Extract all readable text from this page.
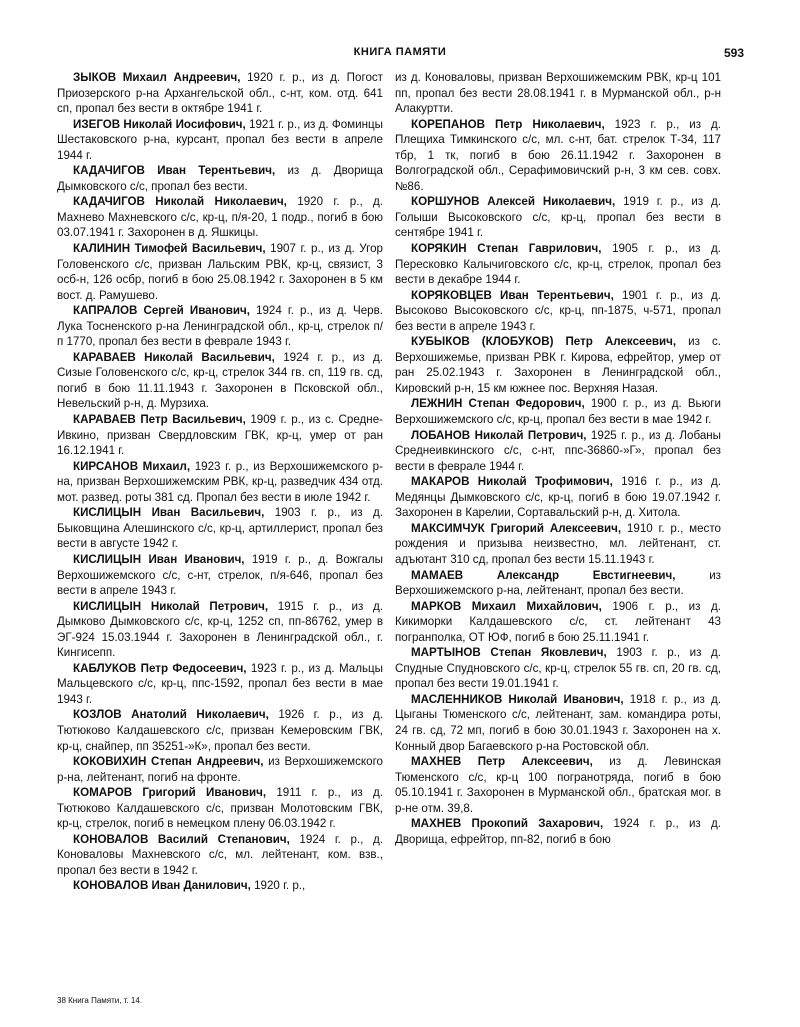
КНИГА ПАМЯТИ	593

ЗЫКОВ Михаил Андреевич, 1920 г. р., из д. Погост Приозерского р-на Архангельской обл., с-нт, ком. отд. 641 сп, пропал без вести в октябре 1941 г.

ИЗЕГОВ Николай Иосифович, 1921 г. р., из д. Фоминцы Шестаковского р-на, курсант, пропал без вести в апреле 1944 г.

КАДАЧИГОВ Иван Терентьевич, из д. Дворища Дымковского с/с, пропал без вести.

КАДАЧИГОВ Николай Николаевич, 1920 г. р., д. Махнево Махневского с/с, кр-ц, п/я-20, 1 подр., погиб в бою 03.07.1941 г. Захоронен в д. Яшкицы.

КАЛИНИН Тимофей Васильевич, 1907 г. р., из д. Угор Головенского с/с, призван Лальским РВК, кр-ц, связист, 3 осб-н, 126 осбр, погиб в бою 25.08.1942 г. Захоронен в 5 км вост. д. Рамушево.

КАПРАЛОВ Сергей Иванович, 1924 г. р., из д. Черв. Лука Тосненского р-на Ленинградской обл., кр-ц, стрелок п/п 1770, пропал без вести в феврале 1943 г.

КАРАВАЕВ Николай Васильевич, 1924 г. р., из д. Сизые Головенского с/с, кр-ц, стрелок 344 гв. сп, 119 гв. сд, погиб в бою 11.11.1943 г. Захоронен в Псковской обл., Невельский р-н, д. Мурзиха.

КАРАВАЕВ Петр Васильевич, 1909 г. р., из с. Средне-Ивкино, призван Свердловским ГВК, кр-ц, умер от ран 16.12.1941 г.

КИРСАНОВ Михаил, 1923 г. р., из Верхошижемского р-на, призван Верхошижемским РВК, кр-ц, разведчик 434 отд. мот. развед. роты 381 сд. Пропал без вести в июле 1942 г.

КИСЛИЦЫН Иван Васильевич, 1903 г. р., из д. Быковщина Алешинского с/с, кр-ц, артиллерист, пропал без вести в августе 1942 г.

КИСЛИЦЫН Иван Иванович, 1919 г. р., д. Вожгалы Верхошижемского с/с, с-нт, стрелок, п/я-646, пропал без вести в апреле 1943 г.

КИСЛИЦЫН Николай Петрович, 1915 г. р., из д. Дымково Дымковского с/с, кр-ц, 1252 сп, пп-86762, умер в ЭГ-924 15.03.1944 г. Захоронен в Ленинградской обл., г. Кингисепп.

КАБЛУКОВ Петр Федосеевич, 1923 г. р., из д. Мальцы Мальцевского с/с, кр-ц, ппс-1592, пропал без вести в мае 1943 г.

КОЗЛОВ Анатолий Николаевич, 1926 г. р., из д. Тютюково Калдашевского с/с, призван Кемеровским ГВК, кр-ц, снайпер, пп 35251-»К», пропал без вести.

КОКОВИХИН Степан Андреевич, из Верхошижемского р-на, лейтенант, погиб на фронте.

КОМАРОВ Григорий Иванович, 1911 г. р., из д. Тютюково Калдашевского с/с, призван Молотовским ГВК, кр-ц, стрелок, погиб в немецком плену 06.03.1942 г.

КОНОВАЛОВ Василий Степанович, 1924 г. р., д. Коноваловы Махневского с/с, мл. лейтенант, ком. взв., пропал без вести в 1942 г.

КОНОВАЛОВ Иван Данилович, 1920 г. р.,

из д. Коноваловы, призван Верхошижемским РВК, кр-ц 101 пп, пропал без вести 28.08.1941 г. в Мурманской обл., р-н Алакуртти.

КОРЕПАНОВ Петр Николаевич, 1923 г. р., из д. Плещиха Тимкинского с/с, мл. с-нт, бат. стрелок Т-34, 117 тбр, 1 тк, погиб в бою 26.11.1942 г. Захоронен в Волгоградской обл., Серафимовичский р-н, 3 км сев. совх. №86.

КОРШУНОВ Алексей Николаевич, 1919 г. р., из д. Голыши Высоковского с/с, кр-ц, пропал без вести в сентябре 1941 г.

КОРЯКИН Степан Гаврилович, 1905 г. р., из д. Пересковко Калычиговского с/с, кр-ц, стрелок, пропал без вести в декабре 1944 г.

КОРЯКОВЦЕВ Иван Терентьевич, 1901 г. р., из д. Высоково Высоковского с/с, кр-ц, пп-1875, ч-571, пропал без вести в апреле 1943 г.

КУБЫКОВ (КЛОБУКОВ) Петр Алексеевич, из с. Верхошижемье, призван РВК г. Кирова, ефрейтор, умер от ран 25.02.1943 г. Захоронен в Ленинградской обл., Кировский р-н, 15 км южнее пос. Верхняя Назая.

ЛЕЖНИН Степан Федорович, 1900 г. р., из д. Вьюги Верхошижемского с/с, кр-ц, пропал без вести в мае 1942 г.

ЛОБАНОВ Николай Петрович, 1925 г. р., из д. Лобаны Среднеивкинского с/с, с-нт, ппс-36860-»Г», пропал без вести в феврале 1944 г.

МАКАРОВ Николай Трофимович, 1916 г. р., из д. Медянцы Дымковского с/с, кр-ц, погиб в бою 19.07.1942 г. Захоронен в Карелии, Сортавальский р-н, д. Хитола.

МАКСИМЧУК Григорий Алексеевич, 1910 г. р., место рождения и призыва неизвестно, мл. лейтенант, ст. адъютант 310 сд, пропал без вести 15.11.1943 г.

МАМАЕВ Александр Евстигнеевич, из Верхошижемского р-на, лейтенант, пропал без вести.

МАРКОВ Михаил Михайлович, 1906 г. р., из д. Кикиморки Калдашевского с/с, ст. лейтенант 43 погранполка, ОТ ЮФ, погиб в бою 25.11.1941 г.

МАРТЫНОВ Степан Яковлевич, 1903 г. р., из д. Спудные Спудновского с/с, кр-ц, стрелок 55 гв. сп, 20 гв. сд, пропал без вести 19.01.1941 г.

МАСЛЕННИКОВ Николай Иванович, 1918 г. р., из д. Цыганы Тюменского с/с, лейтенант, зам. командира роты, 24 гв. сд, 72 мп, погиб в бою 30.01.1943 г. Захоронен на х. Конный двор Багаевского р-на Ростовской обл.

МАХНЕВ Петр Алексеевич, из д. Левинская Тюменского с/с, кр-ц 100 погранотряда, погиб в бою 05.10.1941 г. Захоронен в Мурманской обл., братская мог. в р-не отм. 39,8.

МАХНЕВ Прокопий Захарович, 1924 г. р., из д. Дворища, ефрейтор, пп-82, погиб в бою

38 Книга Памяти, т. 14.
